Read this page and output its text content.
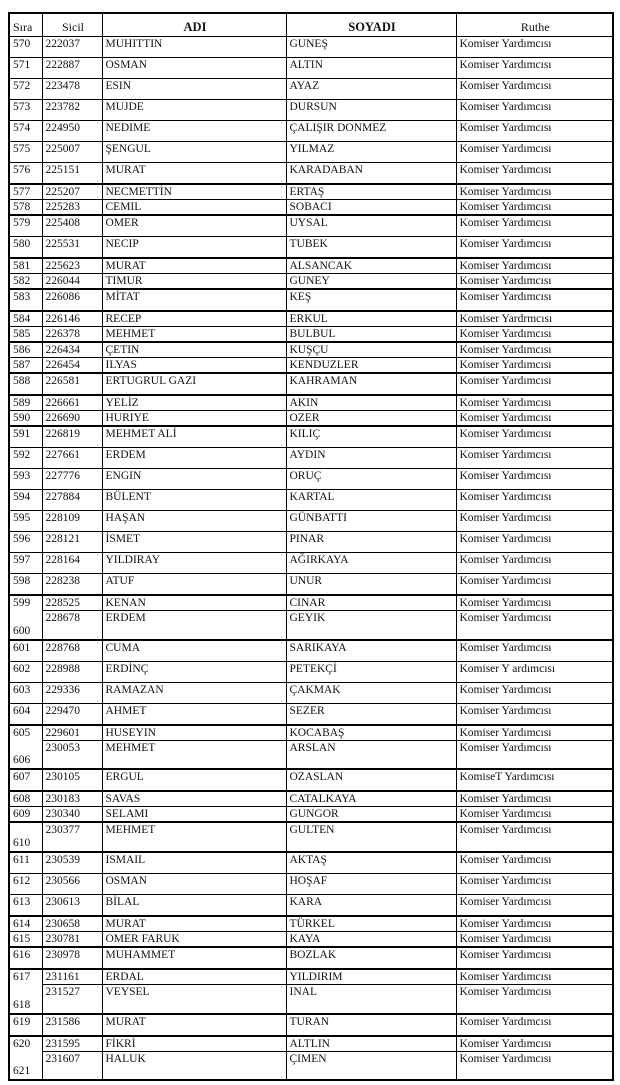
Sıra	Sicil	ADI	SOYADI	Ruthe
570	222037	MUHITTIN	GUNEŞ	Komiser Yardımcısı
571	222887	OSMAN	ALTIN	Komiser Yardımcısı
572	223478	ESIN	AYAZ	Komiser Yardımcısı
573	223782	MUJDE	DURSUN	Komiser Yardımcısı
574	224950	NEDIME	ÇALIŞIR DONMEZ	Komiser Yardımcısı
575	225007	ŞENGUL	YILMAZ	Komiser Yardımcısı
576	225151	MURAT	KARADABAN	Komiser Yardımcısı
577	225207	NECMETTİN	ERTAŞ	Komiser Yardımcısı
578	225283	CEMIL	SOBACI	Komiser Yardımcısı
579	225408	OMER	UYSAL	Komiser Yardımcısı
580	225531	NECIP	TUBEK	Komiser Yardımcısı
581	225623	MURAT	ALSANCAK	Komiser Yardımcısı
582	226044	TIMUR	GUNEY	Komiser Yardımcısı
583	226086	MİTAT	KEŞ	Komiser Yardımcısı
584	226146	RECEP	ERKUL	Komiser Yardrmcısı
585	226378	MEHMET	BULBUL	Komiser Yardımcısı
586	226434	ÇETIN	KUŞÇU	Komiser Yardımcısı
587	226454	ILYAS	KENDUZLER	Komiser Yardımcısı
588	226581	ERTUGRUL GAZI	KAHRAMAN	Komiser Yardımcısı
589	226661	YELİZ	AKIN	Komiser Yardımcısı
590	226690	HURIYE	OZER	Komiser Yardımcısı
591	226819	MEHMET ALİ	KILIÇ	Komiser Yardımcısı
592	227661	ERDEM	AYDIN	Komiser Yardımcısı
593	227776	ENGIN	ORUÇ	Komiser Yardımcısı
594	227884	BÜLENT	KARTAL	Komiser Yardımcısı
595	228109	HAŞAN	GÜNBATTI	Komiser Yardımcısı
596	228121	İSMET	PINAR	Komiser Yardımcısı
597	228164	YILDIRAY	AĞIRKAYA	Komiser Yardımcısı
598	228238	ATUF	UNUR	Komiser Yardımcısı
599	228525	KENAN	CINAR	Komiser Yardımcısı
600	228678	ERDEM	GEYIK	Komiser Yardımcısı
601	228768	CUMA	SARIKAYA	Komiser Yardımcısı
602	228988	ERDİNÇ	PETEKÇİ	Komiser Y ardımcısı
603	229336	RAMAZAN	ÇAKMAK	Komiser Yardımcısı
604	229470	AHMET	SEZER	Komiser Yardımcısı
605	229601	HUSEYIN	KOCABAŞ	Komiser Yardımcısı
606	230053	MEHMET	ARSLAN	Komiser Yardımcısı
607	230105	ERGUL	OZASLAN	KomiseT Yardımcısı
608	230183	SAVAS	CATALKAYA	Komiser Yardımcısı
609	230340	SELAMI	GUNGOR	Komiser Yardımcısı
610	230377	MEHMET	GULTEN	Komiser Yardımcısı
611	230539	ISMAIL	AKTAŞ	Komiser Yardımcısı
612	230566	OSMAN	HOŞAF	Komiser Yardımcısı
613	230613	BİLAL	KARA	Komiser Yardımcısı
614	230658	MURAT	TÜRKEL	Komiser Yardımcısı
615	230781	OMER FARUK	KAYA	Komiser Yardımcısı
616	230978	MUHAMMET	BOZLAK	Komiser Yardımcısı
617	231161	ERDAL	YILDIRIM	Komiser Yardımcısı
618	231527	VEYSEL	INAL	Komiser Yardımcısı
619	231586	MURAT	TURAN	Komiser Yardımcısı
620	231595	FİKRİ	ALTLIN	Komiser Yardımcısı
621	231607	HALUK	ÇIMEN	Komiser Yardımcısı
